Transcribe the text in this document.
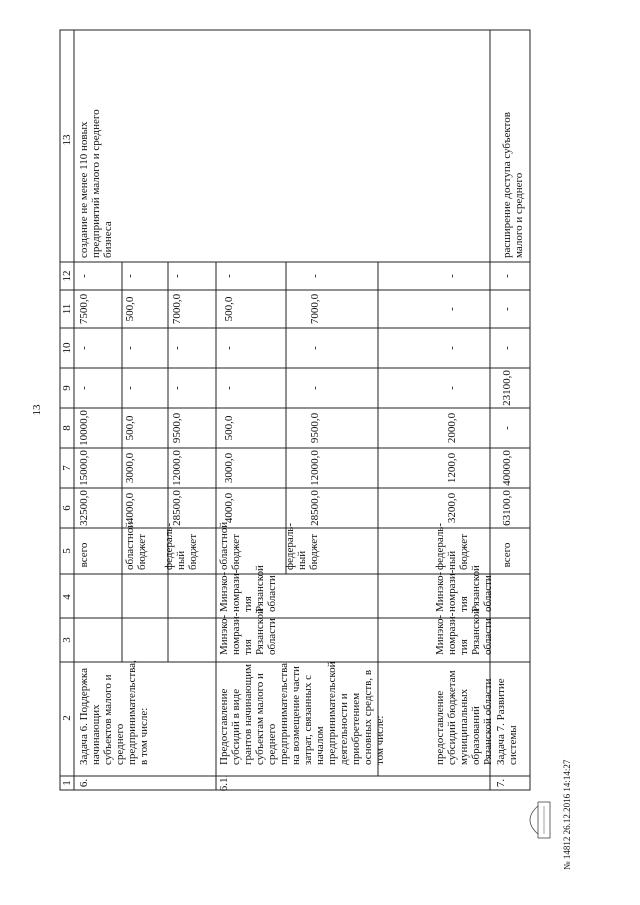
13
1
2
3
4
5
6
7
8
9
10
11
12
13
6.
Задача 6. Поддержка начинающих субъектов малого и среднего предпринимательства, в том числе:
всего
32500,0
15000,0
10000,0
-
-
7500,0
-
областной бюджет
4000,0
3000,0
500,0
-
-
500,0
-
федераль- ный бюджет
28500,0
12000,0
9500,0
-
-
7000,0
-
создание не менее 110 новых предприятий малого и среднего бизнеса
6.1.
Предоставление субсидий в виде грантов начинающим субъектам малого и среднего предпринимательства на возмещение части затрат, связанных с началом предпринимательской деятельности и приобретением основных средств, в том числе:
Минэко- номрази- тия Рязанской области
Минэко- номрази- тия Рязанской области
областной бюджет
4000,0
3000,0
500,0
-
-
500,0
-
федераль- ный бюджет
28500,0
12000,0
9500,0
-
-
7000,0
-
предоставление субсидий бюджетам муниципальных образований Рязанской области
Минэко- номрази- тия Рязанской области
Минэко- номрази- тия Рязанской области
федераль- ный бюджет
3200,0
1200,0
2000,0
-
-
-
-
7.
Задача 7. Развитие системы
всего
63100,0
40000,0
-
23100,0
-
-
-
расширение доступа субъектов малого и среднего
№ 14812 26.12.2016 14:14:27
